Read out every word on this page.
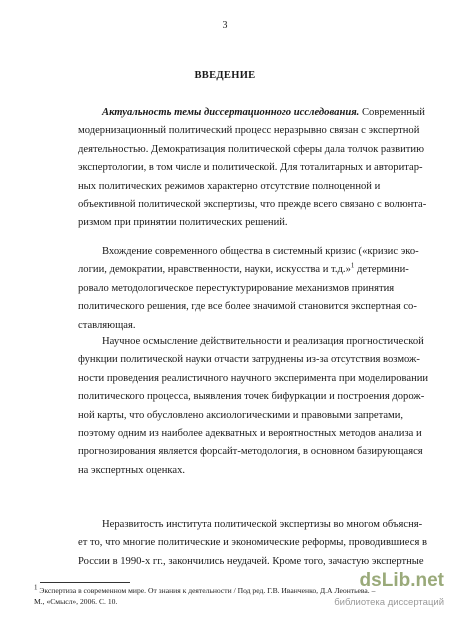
3
ВВЕДЕНИЕ
Актуальность темы диссертационного исследования. Современный
модернизационный политический процесс неразрывно связан с экспертной
деятельностью. Демократизация политической сферы дала толчок развитию
экспертологии, в том числе и политической. Для тоталитарных и авторитар-
ных политических режимов характерно отсутствие полноценной и
объективной политической экспертизы, что прежде всего связано с волюнта-
ризмом при принятии политических решений.
Вхождение современного общества в системный кризис («кризис эко-
логии, демократии, нравственности, науки, искусства и т.д.»$^1$ детермини-
ровало методологическое перестуктурирование механизмов принятия
политического решения, где все более значимой становится экспертная со-
ставляющая.
Научное осмысление действительности и реализация прогностической
функции политической науки отчасти затруднены из-за отсутствия возмож-
ности проведения реалистичного научного эксперимента при моделировании
политического процесса, выявления точек бифуркации и построения дорож-
ной карты, что обусловлено аксиологическими и правовыми запретами,
поэтому одним из наиболее адекватных и вероятностных методов анализа и
прогнозирования является форсайт-методология, в основном базирующаяся
на экспертных оценках.
Неразвитость института политической экспертизы во многом объясня-
ет то, что многие политические и экономические реформы, проводившиеся в
России в 1990-х гг., закончились неудачей. Кроме того, зачастую экспертные
1 Экспертиза в современном мире. От знания к деятельности / Под ред. Г.В. Иванченко, Д.А Леонтьева. –
М., «Смысл», 2006. С. 10.
dsLib.net
библиотека диссертаций
